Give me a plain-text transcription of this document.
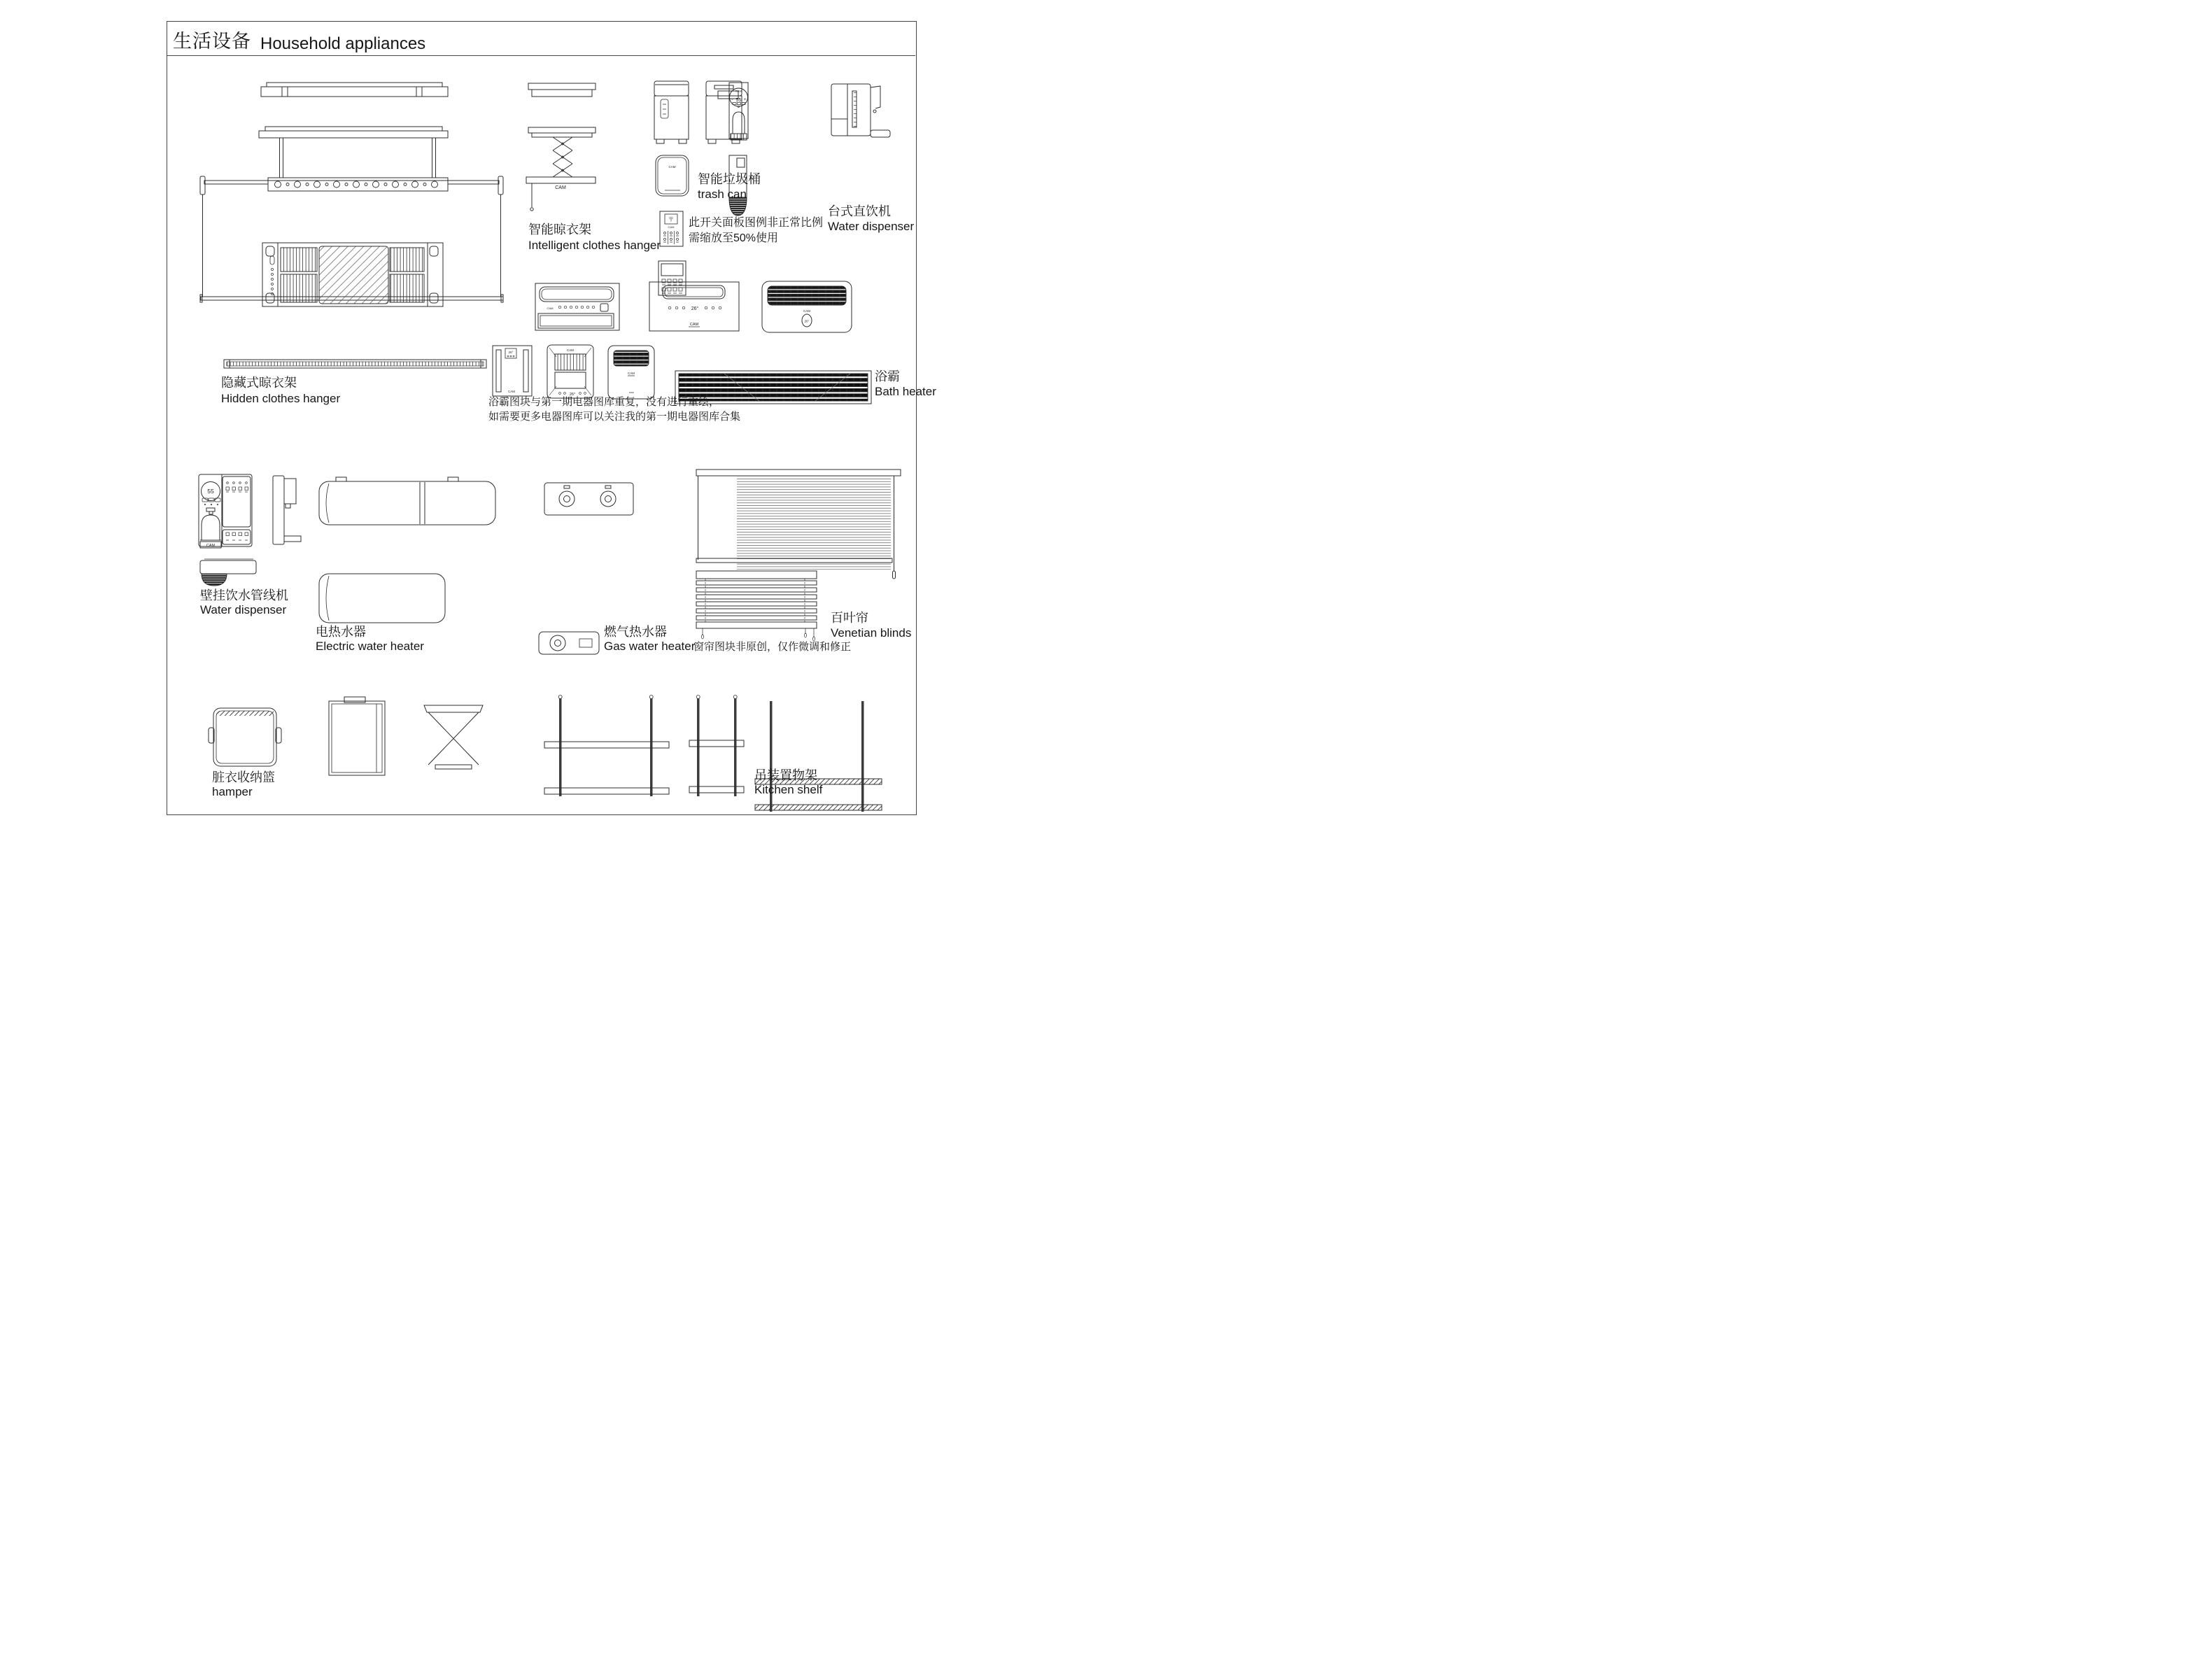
生活设备 Household appliances
CAM
CAM
- 55 +
CAM
〒
CAM
CAM	26°
CAM
CAM
26°
26°
CAM
CAM
26°
CAM
55
CAM
智能晾衣架
Intelligent clothes hanger
智能垃圾桶
trash can
台式直饮机
Water dispenser
此开关面板图例非正常比例
需缩放至50%使用
隐藏式晾衣架
Hidden clothes hanger
浴霸
Bath heater
浴霸图块与第一期电器图库重复，没有进行重绘，
如需要更多电器图库可以关注我的第一期电器图库合集
壁挂饮水管线机
Water dispenser
电热水器
Electric water heater
燃气热水器
Gas water heater
百叶帘
Venetian blinds
窗帘图块非原创，仅作微调和修正
脏衣收纳篮
hamper
吊装置物架
Kitchen shelf
